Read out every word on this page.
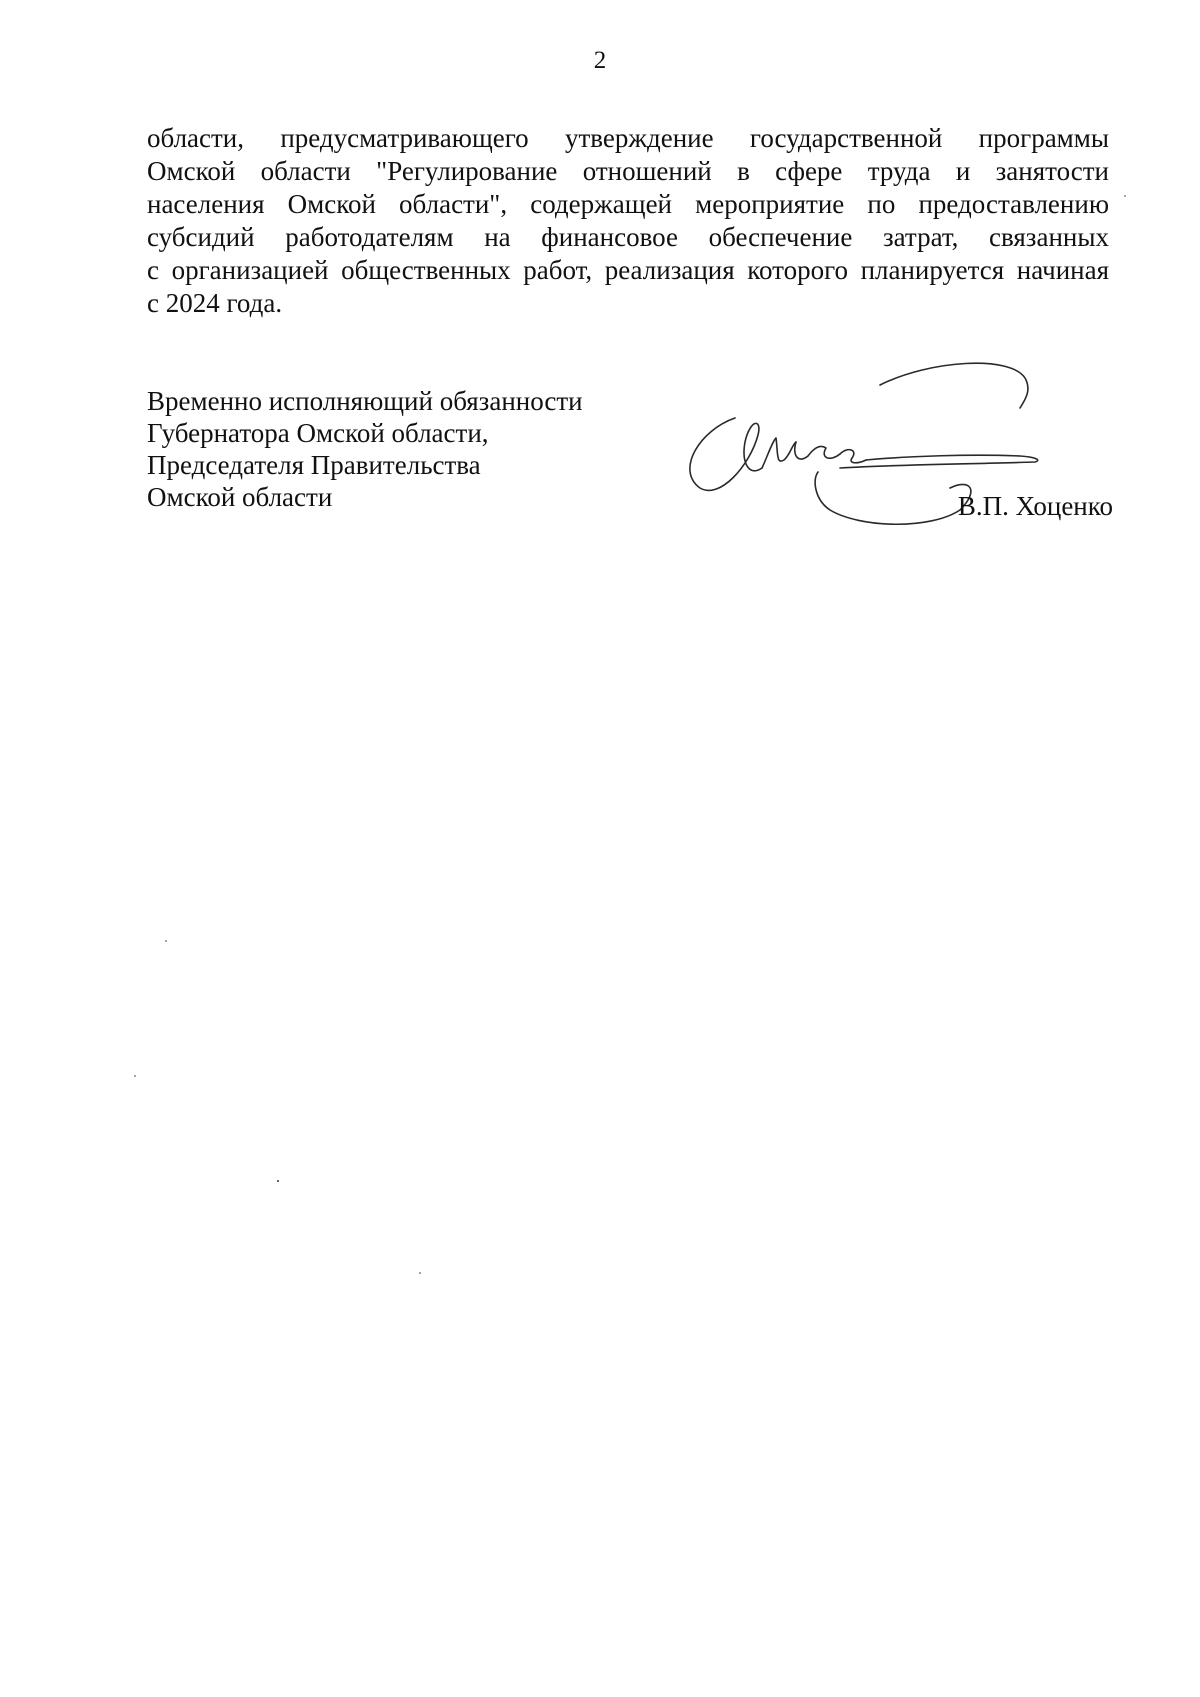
2

области, предусматривающего утверждение государственной программы
Омской области "Регулирование отношений в сфере труда и занятости
населения Омской области", содержащей мероприятие по предоставлению
субсидий работодателям на финансовое обеспечение затрат, связанных
с организацией общественных работ, реализация которого планируется начиная
с 2024 года.

Временно исполняющий обязанности
Губернатора Омской области,
Председателя Правительства
Омской области	В.П. Хоценко
